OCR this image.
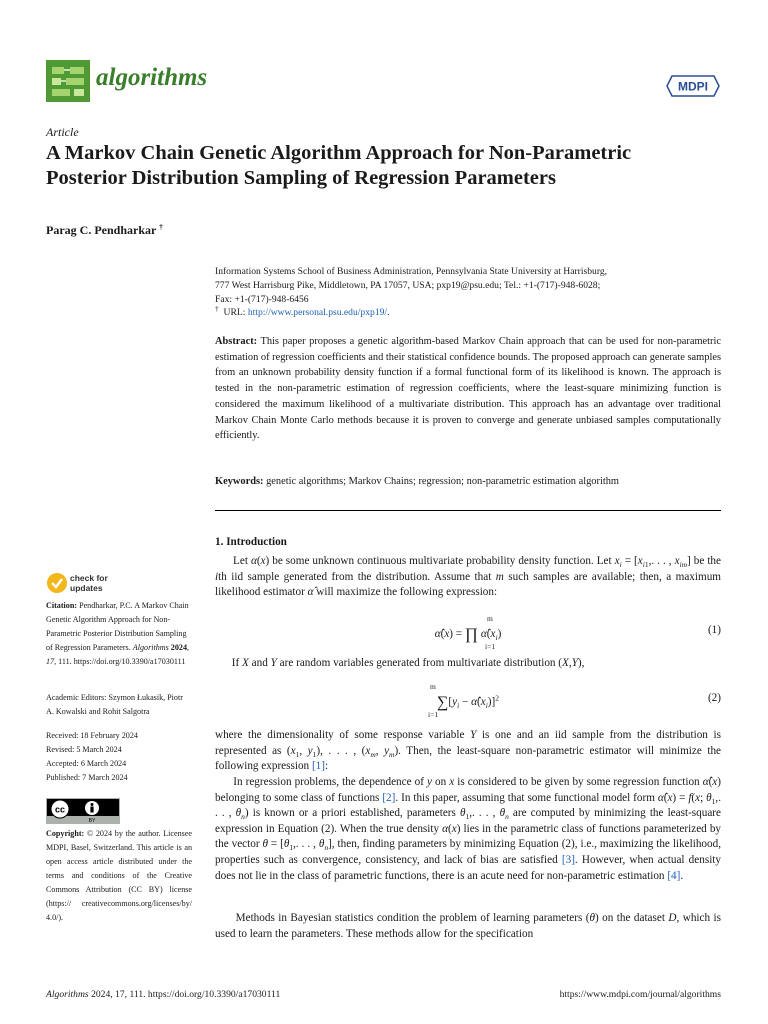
algorithms	MDPI
Article
A Markov Chain Genetic Algorithm Approach for Non-Parametric Posterior Distribution Sampling of Regression Parameters
Parag C. Pendharkar †
Information Systems School of Business Administration, Pennsylvania State University at Harrisburg,
777 West Harrisburg Pike, Middletown, PA 17057, USA; pxp19@psu.edu; Tel.: +1-(717)-948-6028;
Fax: +1-(717)-948-6456
† URL: http://www.personal.psu.edu/pxp19/.

Abstract: This paper proposes a genetic algorithm-based Markov Chain approach that can be used for non-parametric estimation of regression coefficients and their statistical confidence bounds. The proposed approach can generate samples from an unknown probability density function if a formal functional form of its likelihood is known. The approach is tested in the non-parametric estimation of regression coefficients, where the least-square minimizing function is considered the maximum likelihood of a multivariate distribution. This approach has an advantage over traditional Markov Chain Monte Carlo methods because it is proven to converge and generate unbiased samples computationally efficiently.

Keywords: genetic algorithms; Markov Chains; regression; non-parametric estimation algorithm

check for
updates

Citation: Pendharkar, P.C. A Markov Chain Genetic Algorithm Approach for Non-Parametric Posterior Distribution Sampling of Regression Parameters. Algorithms 2024, 17, 111. https://doi.org/10.3390/a17030111

Academic Editors: Szymon Łukasik, Piotr A. Kowalski and Rohit Salgotra

Received: 18 February 2024

Revised: 5 March 2024

Accepted: 6 March 2024

Published: 7 March 2024

cc
BY

Copyright: © 2024 by the author. Licensee MDPI, Basel, Switzerland. This article is an open access article distributed under the terms and conditions of the Creative Commons Attribution (CC BY) license (https:// creativecommons.org/licenses/by/ 4.0/).

1. Introduction

Let α(x) be some unknown continuous multivariate probability density function. Let $x_i = [x_{i1}$,. . . , $x_{im}$] be the ith iid sample generated from the distribution. Assume that m such samples are available; then, a maximum likelihood estimator α̂ will maximize the following expression:

α̂(x) = ∏ $\alphâ(x_i)$
m
i=1
(1)

If X and Y are random variables generated from multivariate distribution (X,Y),

$\sum[y_i$ − $\alphâ(x_i)]^2$
m
i=1
(2)

where the dimensionality of some response variable Y is one and an iid sample from the distribution is represented as ($x_1$, $y_1$), . . . , ($x_m$, $y_m$). Then, the least-square non-parametric estimator will minimize the following expression [1]:

In regression problems, the dependence of y on x is considered to be given by some regression function α̂(x) belonging to some class of functions [2]. In this paper, assuming that some functional model form α̂(x) = f(x; $\theta_1$,. . . , $\theta_n$) is known or a priori established, parameters $\theta_1$,. . . , $\theta_n$ are computed by minimizing the least-square expression in Equation (2). When the true density α(x) lies in the parametric class of functions parameterized by the vector $\theta = [\theta_1$,. . . , $\theta_n$], then, finding parameters by minimizing Equation (2), i.e., maximizing the likelihood, properties such as convergence, consistency, and lack of bias are satisfied [3]. However, when actual density does not lie in the class of parametric functions, there is an acute need for non-parametric estimation [4].

Methods in Bayesian statistics condition the problem of learning parameters (θ) on the dataset D, which is used to learn the parameters. These methods allow for the specification

Algorithms 2024, 17, 111. https://doi.org/10.3390/a17030111	https://www.mdpi.com/journal/algorithms
